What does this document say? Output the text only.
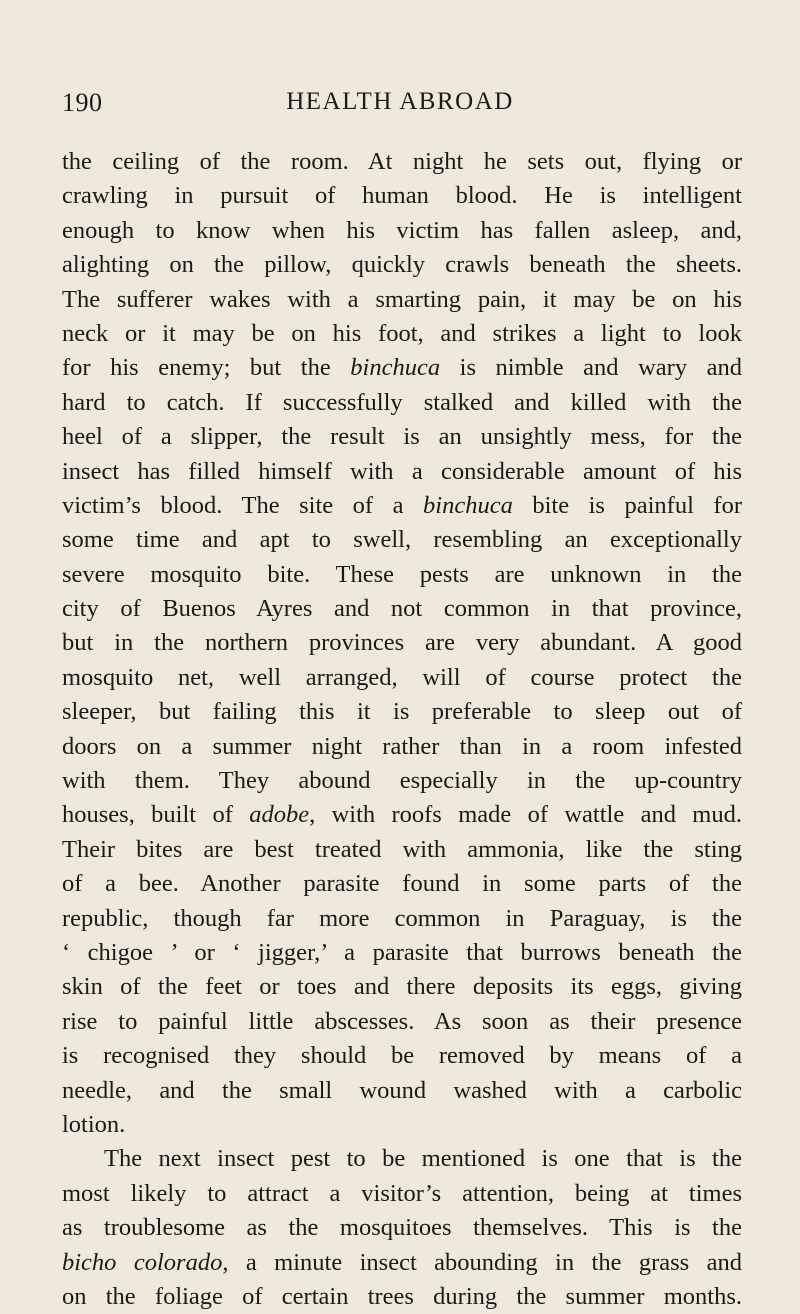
190	HEALTH ABROAD
the ceiling of the room. At night he sets out, flying or
crawling in pursuit of human blood. He is intelligent
enough to know when his victim has fallen asleep, and,
alighting on the pillow, quickly crawls beneath the sheets.
The sufferer wakes with a smarting pain, it may be on his
neck or it may be on his foot, and strikes a light to look
for his enemy; but the binchuca is nimble and wary and
hard to catch. If successfully stalked and killed with the
heel of a slipper, the result is an unsightly mess, for the
insect has filled himself with a considerable amount of his
victim’s blood. The site of a binchuca bite is painful for
some time and apt to swell, resembling an exceptionally
severe mosquito bite. These pests are unknown in the
city of Buenos Ayres and not common in that province,
but in the northern provinces are very abundant. A good
mosquito net, well arranged, will of course protect the
sleeper, but failing this it is preferable to sleep out of
doors on a summer night rather than in a room infested
with them. They abound especially in the up-country
houses, built of adobe, with roofs made of wattle and mud.
Their bites are best treated with ammonia, like the sting
of a bee. Another parasite found in some parts of the
republic, though far more common in Paraguay, is the
‘ chigoe ’ or ‘ jigger,’ a parasite that burrows beneath the
skin of the feet or toes and there deposits its eggs, giving
rise to painful little abscesses. As soon as their presence
is recognised they should be removed by means of a
needle, and the small wound washed with a carbolic
lotion.
The next insect pest to be mentioned is one that is the
most likely to attract a visitor’s attention, being at times
as troublesome as the mosquitoes themselves. This is the
bicho colorado, a minute insect abounding in the grass and
on the foliage of certain trees during the summer months.
